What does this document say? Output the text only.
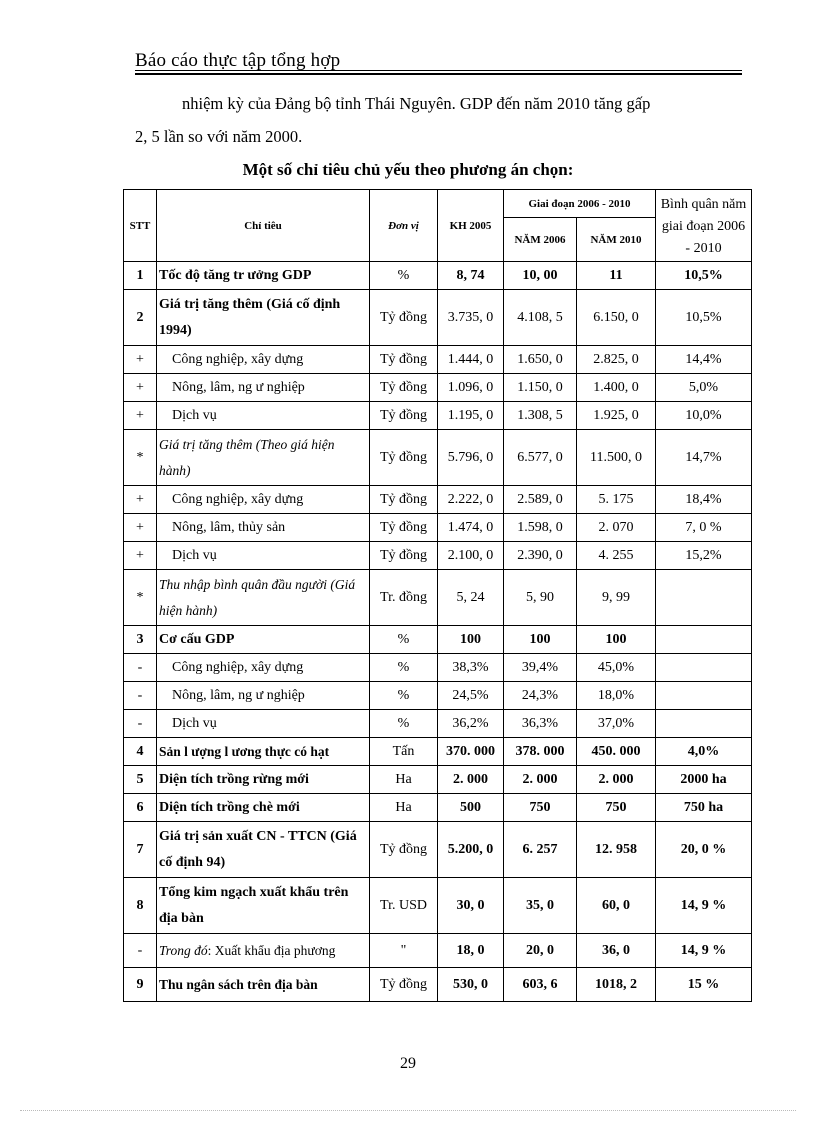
Báo cáo thực tập tổng hợp
nhiệm kỳ của Đảng bộ tỉnh Thái Nguyên. GDP đến năm 2010 tăng gấp
2, 5 lần so với năm 2000.
Một số chỉ tiêu chủ yếu theo phương án chọn:
STT	Chỉ tiêu	Đơn vị	KH 2005	Giai đoạn 2006 - 2010		Bình quân năm giai đoạn 2006 - 2010

				NĂM 2006	NĂM 2010	
1	Tốc độ tăng tr ưởng GDP	%	8, 74	10, 00	11	10,5%
2	Giá trị tăng thêm (Giá cố định 1994)	Tỷ đồng	3.735, 0	4.108, 5	6.150, 0	10,5%
+	Công nghiệp, xây dựng	Tỷ đồng	1.444, 0	1.650, 0	2.825, 0	14,4%
+	Nông, lâm, ng ư nghiệp	Tỷ đồng	1.096, 0	1.150, 0	1.400, 0	5,0%
+	Dịch vụ	Tỷ đồng	1.195, 0	1.308, 5	1.925, 0	10,0%
*	Giá trị tăng thêm (Theo giá hiện hành)	Tỷ đồng	5.796, 0	6.577, 0	11.500, 0	14,7%
+	Công nghiệp, xây dựng	Tỷ đồng	2.222, 0	2.589, 0	5. 175	18,4%
+	Nông, lâm, thủy sản	Tỷ đồng	1.474, 0	1.598, 0	2. 070	7, 0 %
+	Dịch vụ	Tỷ đồng	2.100, 0	2.390, 0	4. 255	15,2%
*	Thu nhập bình quân đầu người (Giá hiện hành)	Tr. đồng	5, 24	5, 90	9, 99	
3	Cơ cấu GDP	%	100	100	100	
-	Công nghiệp, xây dựng	%	38,3%	39,4%	45,0%	
-	Nông, lâm, ng ư nghiệp	%	24,5%	24,3%	18,0%	
-	Dịch vụ	%	36,2%	36,3%	37,0%	
4	Sản l ượng l ương thực có hạt	Tấn	370. 000	378. 000	450. 000	4,0%
5	Diện tích trồng rừng mới	Ha	2. 000	2. 000	2. 000	2000 ha
6	Diện tích trồng chè mới	Ha	500	750	750	750 ha
7	Giá trị sản xuất CN - TTCN (Giá cố định 94)	Tỷ đồng	5.200, 0	6. 257	12. 958	20, 0 %
8	Tổng kim ngạch xuất khẩu trên địa bàn	Tr. USD	30, 0	35, 0	60, 0	14, 9 %
-	Trong đó: Xuất khẩu địa phương	"	18, 0	20, 0	36, 0	14, 9 %
9	Thu ngân sách trên địa bàn	Tỷ đồng	530, 0	603, 6	1018, 2	15 %
29
